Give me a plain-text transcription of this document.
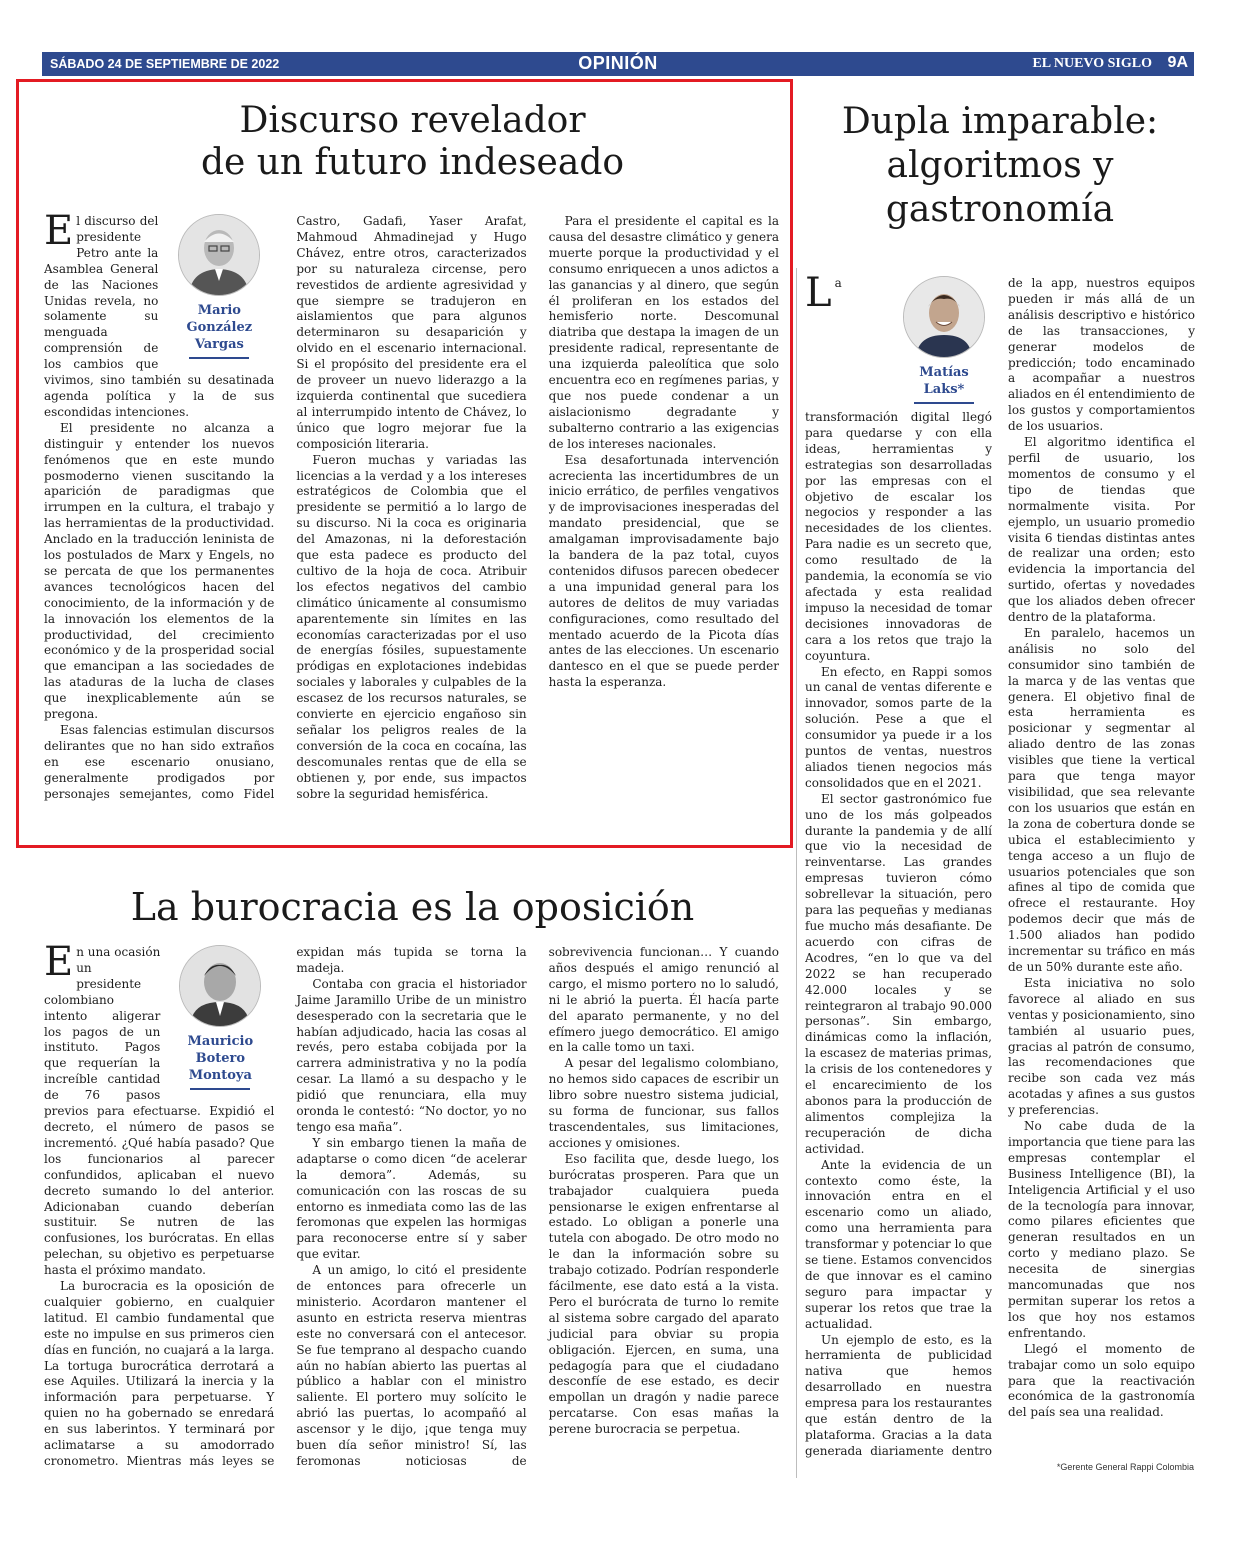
SÁBADO 24 DE SEPTIEMBRE DE 2022	OPINIÓN	EL NUEVO SIGLO 9A
Discurso revelador
de un futuro indeseado
Mario
González
Vargas

El discurso del presidente Petro ante la Asamblea General de las Naciones Unidas revela, no solamente su menguada comprensión de los cambios que vivimos, sino también su desatinada agenda política y la de sus escondidas intenciones.

El presidente no alcanza a distinguir y entender los nuevos fenómenos que en este mundo posmoderno vienen suscitando la aparición de paradigmas que irrumpen en la cultura, el trabajo y las herramientas de la productividad. Anclado en la traducción leninista de los postulados de Marx y Engels, no se percata de que los permanentes avances tecnológicos hacen del conocimiento, de la información y de la innovación los elementos de la productividad, del crecimiento económico y de la prosperidad social que emancipan a las sociedades de las ataduras de la lucha de clases que inexplicablemente aún se pregona.

Esas falencias estimulan discursos delirantes que no han sido extraños en ese escenario onusiano, generalmente prodigados por personajes semejantes, como Fidel Castro, Gadafi, Yaser Arafat, Mahmoud Ahmadinejad y Hugo Chávez, entre otros, caracterizados por su naturaleza circense, pero revestidos de ardiente agresividad y que siempre se tradujeron en aislamientos que para algunos determinaron su desaparición y olvido en el escenario internacional. Si el propósito del presidente era el de proveer un nuevo liderazgo a la izquierda continental que sucediera al interrumpido intento de Chávez, lo único que logro mejorar fue la composición literaria.

Fueron muchas y variadas las licencias a la verdad y a los intereses estratégicos de Colombia que el presidente se permitió a lo largo de su discurso. Ni la coca es originaria del Amazonas, ni la deforestación que esta padece es producto del cultivo de la hoja de coca. Atribuir los efectos negativos del cambio climático únicamente al consumismo aparentemente sin límites en las economías caracterizadas por el uso de energías fósiles, supuestamente pródigas en explotaciones indebidas sociales y laborales y culpables de la escasez de los recursos naturales, se convierte en ejercicio engañoso sin señalar los peligros reales de la conversión de la coca en cocaína, las descomunales rentas que de ella se obtienen y, por ende, sus impactos sobre la seguridad hemisférica.

Para el presidente el capital es la causa del desastre climático y genera muerte porque la productividad y el consumo enriquecen a unos adictos a las ganancias y al dinero, que según él proliferan en los estados del hemisferio norte. Descomunal diatriba que destapa la imagen de un presidente radical, representante de una izquierda paleolítica que solo encuentra eco en regímenes parias, y que nos puede condenar a un aislacionismo degradante y subalterno contrario a las exigencias de los intereses nacionales.

Esa desafortunada intervención acrecienta las incertidumbres de un inicio errático, de perfiles vengativos y de improvisaciones inesperadas del mandato presidencial, que se amalgaman improvisadamente bajo la bandera de la paz total, cuyos contenidos difusos parecen obedecer a una impunidad general para los autores de delitos de muy variadas configuraciones, como resultado del mentado acuerdo de la Picota días antes de las elecciones. Un escenario dantesco en el que se puede perder hasta la esperanza.

Dupla imparable:
algoritmos y
gastronomía
Matías
Laks*

La transformación digital llegó para quedarse y con ella ideas, herramientas y estrategias son desarrolladas por las empresas con el objetivo de escalar los negocios y responder a las necesidades de los clientes. Para nadie es un secreto que, como resultado de la pandemia, la economía se vio afectada y esta realidad impuso la necesidad de tomar decisiones innovadoras de cara a los retos que trajo la coyuntura.

En efecto, en Rappi somos un canal de ventas diferente e innovador, somos parte de la solución. Pese a que el consumidor ya puede ir a los puntos de ventas, nuestros aliados tienen negocios más consolidados que en el 2021.

El sector gastronómico fue uno de los más golpeados durante la pandemia y de allí que vio la necesidad de reinventarse. Las grandes empresas tuvieron cómo sobrellevar la situación, pero para las pequeñas y medianas fue mucho más desafiante. De acuerdo con cifras de Acodres, “en lo que va del 2022 se han recuperado 42.000 locales y se reintegraron al trabajo 90.000 personas”. Sin embargo, dinámicas como la inflación, la escasez de materias primas, la crisis de los contenedores y el encarecimiento de los abonos para la producción de alimentos complejiza la recuperación de dicha actividad.

Ante la evidencia de un contexto como éste, la innovación entra en el escenario como un aliado, como una herramienta para transformar y potenciar lo que se tiene. Estamos convencidos de que innovar es el camino seguro para impactar y superar los retos que trae la actualidad.

Un ejemplo de esto, es la herramienta de publicidad nativa que hemos desarrollado en nuestra empresa para los restaurantes que están dentro de la plataforma. Gracias a la data generada diariamente dentro de la app, nuestros equipos pueden ir más allá de un análisis descriptivo e histórico de las transacciones, y generar modelos de predicción; todo encaminado a acompañar a nuestros aliados en él entendimiento de los gustos y comportamientos de los usuarios.

El algoritmo identifica el perfil de usuario, los momentos de consumo y el tipo de tiendas que normalmente visita. Por ejemplo, un usuario promedio visita 6 tiendas distintas antes de realizar una orden; esto evidencia la importancia del surtido, ofertas y novedades que los aliados deben ofrecer dentro de la plataforma.

En paralelo, hacemos un análisis no solo del consumidor sino también de la marca y de las ventas que genera. El objetivo final de esta herramienta es posicionar y segmentar al aliado dentro de las zonas visibles que tiene la vertical para que tenga mayor visibilidad, que sea relevante con los usuarios que están en la zona de cobertura donde se ubica el establecimiento y tenga acceso a un flujo de usuarios potenciales que son afines al tipo de comida que ofrece el restaurante. Hoy podemos decir que más de 1.500 aliados han podido incrementar su tráfico en más de un 50% durante este año.

Esta iniciativa no solo favorece al aliado en sus ventas y posicionamiento, sino también al usuario pues, gracias al patrón de consumo, las recomendaciones que recibe son cada vez más acotadas y afines a sus gustos y preferencias.

No cabe duda de la importancia que tiene para las empresas contemplar el Business Intelligence (BI), la Inteligencia Artificial y el uso de la tecnología para innovar, como pilares eficientes que generan resultados en un corto y mediano plazo. Se necesita de sinergias mancomunadas que nos permitan superar los retos a los que hoy nos estamos enfrentando.

Llegó el momento de trabajar como un solo equipo para que la reactivación económica de la gastronomía del país sea una realidad.

*Gerente General Rappi Colombia
La burocracia es la oposición
Mauricio
Botero
Montoya

En una ocasión un presidente colombiano intento aligerar los pagos de un instituto. Pagos que requerían la increíble cantidad de 76 pasos previos para efectuarse. Expidió el decreto, el número de pasos se incrementó. ¿Qué había pasado? Que los funcionarios al parecer confundidos, aplicaban el nuevo decreto sumando lo del anterior. Adicionaban cuando deberían sustituir. Se nutren de las confusiones, los burócratas. En ellas pelechan, su objetivo es perpetuarse hasta el próximo mandato.

La burocracia es la oposición de cualquier gobierno, en cualquier latitud. El cambio fundamental que este no impulse en sus primeros cien días en función, no cuajará a la larga. La tortuga burocrática derrotará a ese Aquiles. Utilizará la inercia y la información para perpetuarse. Y quien no ha gobernado se enredará en sus laberintos. Y terminará por aclimatarse a su amodorrado cronometro. Mientras más leyes se expidan más tupida se torna la madeja.

Contaba con gracia el historiador Jaime Jaramillo Uribe de un ministro desesperado con la secretaria que le habían adjudicado, hacia las cosas al revés, pero estaba cobijada por la carrera administrativa y no la podía cesar. La llamó a su despacho y le pidió que renunciara, ella muy oronda le contestó: “No doctor, yo no tengo esa maña”.

Y sin embargo tienen la maña de adaptarse o como dicen “de acelerar la demora”. Además, su comunicación con las roscas de su entorno es inmediata como las de las feromonas que expelen las hormigas para reconocerse entre sí y saber que evitar.

A un amigo, lo citó el presidente de entonces para ofrecerle un ministerio. Acordaron mantener el asunto en estricta reserva mientras este no conversará con el antecesor. Se fue temprano al despacho cuando aún no habían abierto las puertas al público a hablar con el ministro saliente. El portero muy solícito le abrió las puertas, lo acompañó al ascensor y le dijo, ¡que tenga muy buen día señor ministro! Sí, las feromonas noticiosas de sobrevivencia funcionan… Y cuando años después el amigo renunció al cargo, el mismo portero no lo saludó, ni le abrió la puerta. Él hacía parte del aparato permanente, y no del efímero juego democrático. El amigo en la calle tomo un taxi.

A pesar del legalismo colombiano, no hemos sido capaces de escribir un libro sobre nuestro sistema judicial, su forma de funcionar, sus fallos trascendentales, sus limitaciones, acciones y omisiones.

Eso facilita que, desde luego, los burócratas prosperen. Para que un trabajador cualquiera pueda pensionarse le exigen enfrentarse al estado. Lo obligan a ponerle una tutela con abogado. De otro modo no le dan la información sobre su trabajo cotizado. Podrían responderle fácilmente, ese dato está a la vista. Pero el burócrata de turno lo remite al sistema sobre cargado del aparato judicial para obviar su propia obligación. Ejercen, en suma, una pedagogía para que el ciudadano desconfíe de ese estado, es decir empollan un dragón y nadie parece percatarse. Con esas mañas la perene burocracia se perpetua.
